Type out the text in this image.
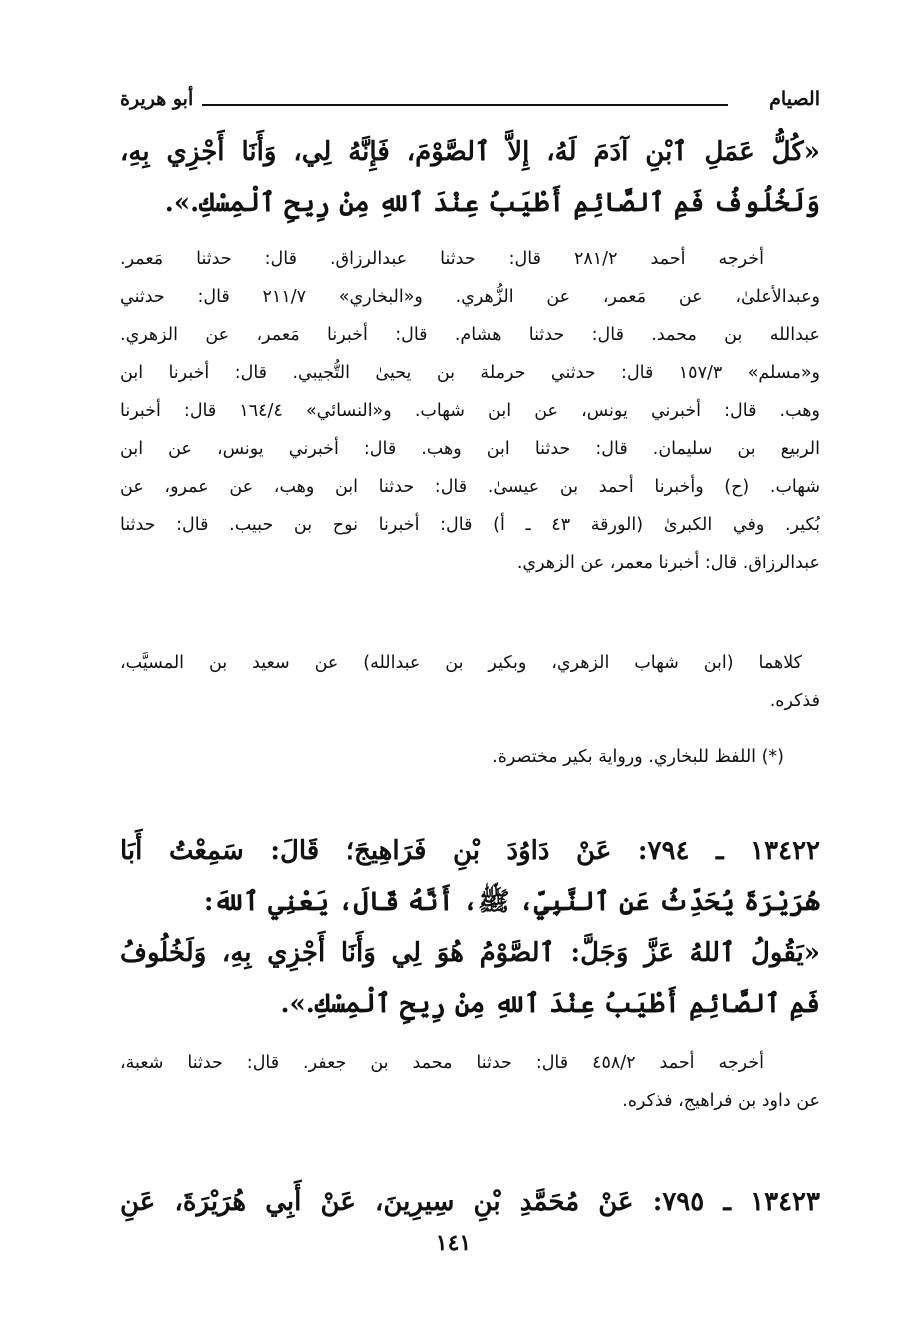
الصيام
أبو هريرة
«كُلُّ عَمَلِ ٱبْنِ آدَمَ لَهُ، إِلاَّ ٱلصَّوْمَ، فَإِنَّهُ لِي، وَأَنَا أَجْزِي بِهِ،
وَلَخُلُوفُ فَمِ ٱلصَّائِمِ أَطْيَبُ عِنْدَ ٱللهِ مِنْ رِيحِ ٱلْمِسْكِ.».
أخرجه أحمد ٢٨١/٢ قال: حدثنا عبدالرزاق. قال: حدثنا مَعمر.
وعبدالأعلىٰ، عن مَعمر، عن الزُّهري. و«البخاري» ٢١١/٧ قال: حدثني
عبدالله بن محمد. قال: حدثنا هشام. قال: أخبرنا مَعمر، عن الزهري.
و«مسلم» ١٥٧/٣ قال: حدثني حرملة بن يحيىٰ التُّجيبي. قال: أخبرنا ابن
وهب. قال: أخبرني يونس، عن ابن شهاب. و«النسائي» ١٦٤/٤ قال: أخبرنا
الربيع بن سليمان. قال: حدثنا ابن وهب. قال: أخبرني يونس، عن ابن
شهاب. (ح) وأخبرنا أحمد بن عيسىٰ. قال: حدثنا ابن وهب، عن عمرو، عن
بُكير. وفي الكبرىٰ (الورقة ٤٣ ـ أ) قال: أخبرنا نوح بن حبيب. قال: حدثنا
عبدالرزاق. قال: أخبرنا معمر، عن الزهري.
كلاهما (ابن شهاب الزهري، وبكير بن عبدالله) عن سعيد بن المسيَّب،
فذكره.
(*) اللفظ للبخاري. ورواية بكير مختصرة.
١٣٤٢٢ ـ ٧٩٤: عَنْ دَاوُدَ بْنِ فَرَاهِيجَ؛ قَالَ: سَمِعْتُ أَبَا
هُرَيْرَةَ يُحَدِّثُ عَنِ ٱلنَّبِيِّ، ﷺ، أَنَّهُ قَالَ، يَعْنِي ٱللهَ:
«يَقُولُ ٱللهُ عَزَّ وَجَلَّ: ٱلصَّوْمُ هُوَ لِي وَأَنَا أَجْزِي بِهِ، وَلَخُلُوفُ
فَمِ ٱلصَّائِمِ أَطْيَبُ عِنْدَ ٱللهِ مِنْ رِيحِ ٱلْمِسْكِ.».
أخرجه أحمد ٤٥٨/٢ قال: حدثنا محمد بن جعفر. قال: حدثنا شعبة،
عن داود بن فراهيج، فذكره.
١٣٤٢٣ ـ ٧٩٥: عَنْ مُحَمَّدِ بْنِ سِيرِينَ، عَنْ أَبِي هُرَيْرَةَ، عَنِ
١٤١
